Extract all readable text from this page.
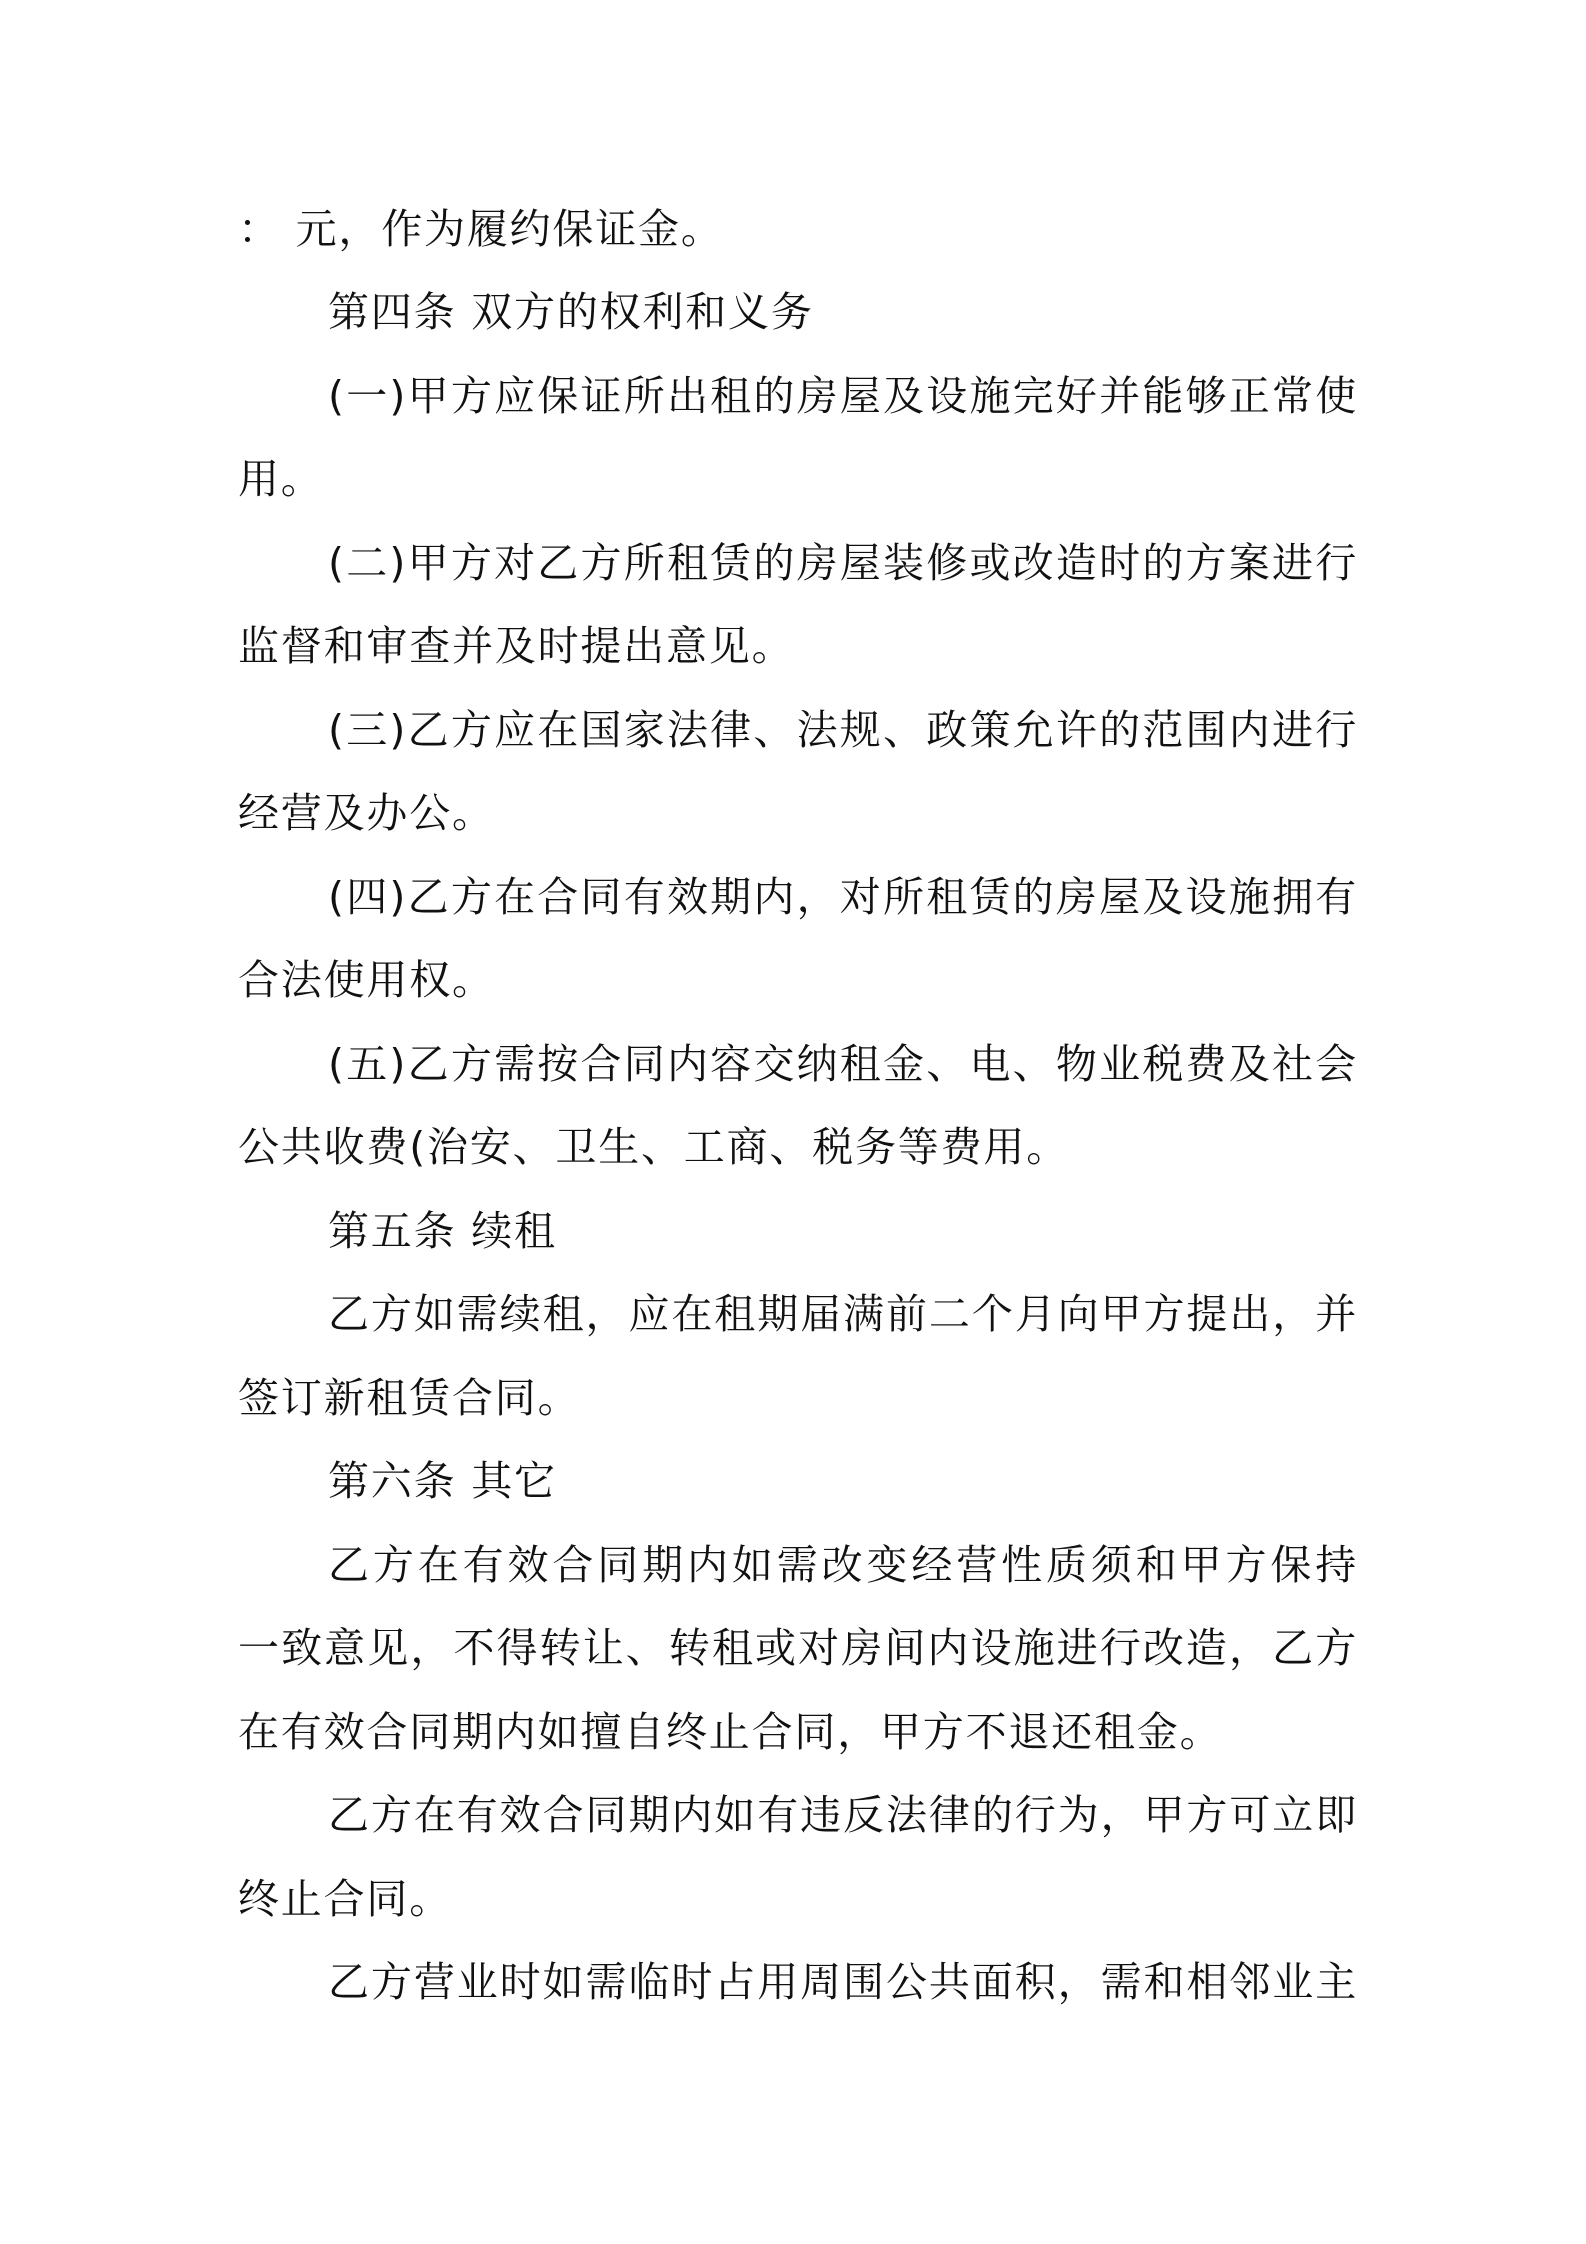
： 元，作为履约保证金。
第四条 双方的权利和义务
(一)甲方应保证所出租的房屋及设施完好并能够正常使
用。
(二)甲方对乙方所租赁的房屋装修或改造时的方案进行
监督和审查并及时提出意见。
(三)乙方应在国家法律、法规、政策允许的范围内进行
经营及办公。
(四)乙方在合同有效期内，对所租赁的房屋及设施拥有
合法使用权。
(五)乙方需按合同内容交纳租金、电、物业税费及社会
公共收费(治安、卫生、工商、税务等费用。
第五条 续租
乙方如需续租，应在租期届满前二个月向甲方提出，并
签订新租赁合同。
第六条 其它
乙方在有效合同期内如需改变经营性质须和甲方保持
一致意见，不得转让、转租或对房间内设施进行改造，乙方
在有效合同期内如擅自终止合同，甲方不退还租金。
乙方在有效合同期内如有违反法律的行为，甲方可立即
终止合同。
乙方营业时如需临时占用周围公共面积，需和相邻业主
